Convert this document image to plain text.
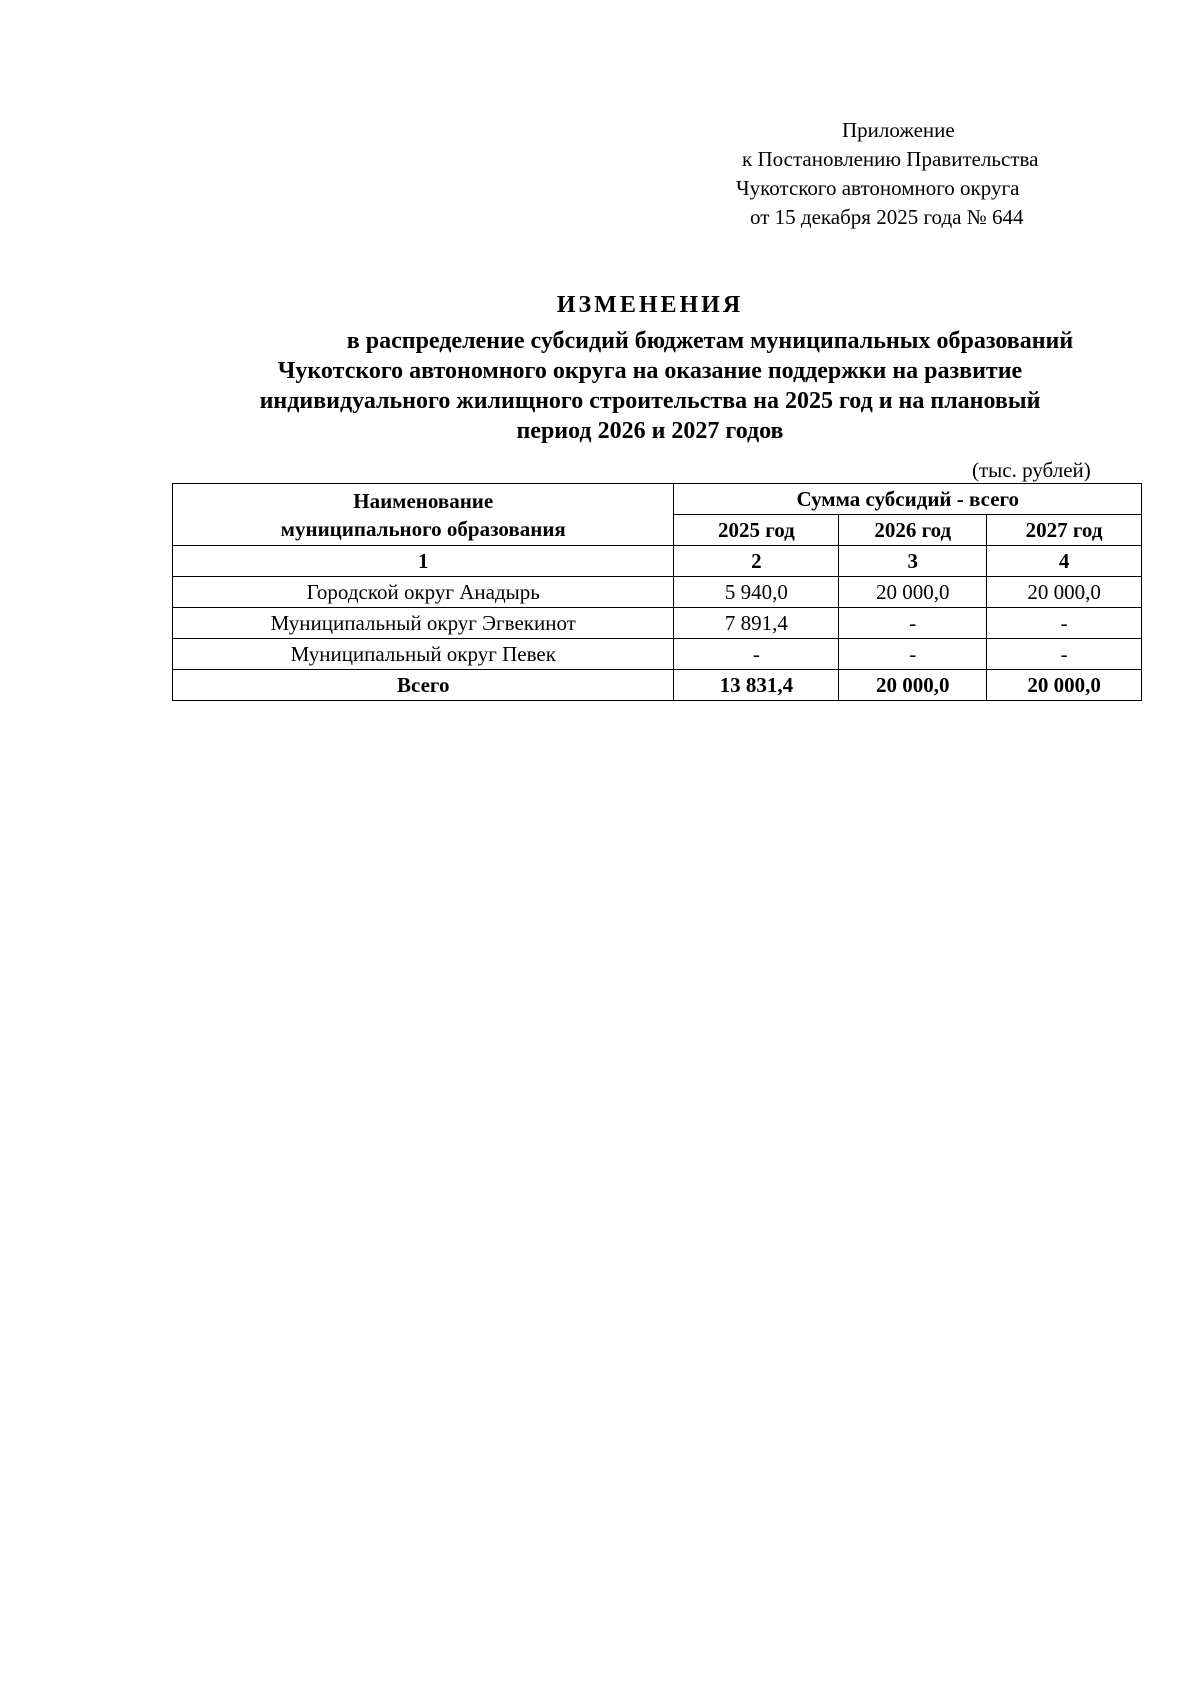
Приложение
к Постановлению Правительства
Чукотского автономного округа
от 15 декабря 2025 года № 644
ИЗМЕНЕНИЯ
в распределение субсидий бюджетам муниципальных образований
Чукотского автономного округа на оказание поддержки на развитие
индивидуального жилищного строительства на 2025 год и на плановый
период 2026 и 2027 годов
(тыс. рублей)
Наименование
муниципального образования	Сумма субсидий - всего		
	2025 год	2026 год	2027 год
1	2	3	4
Городской округ Анадырь	5 940,0	20 000,0	20 000,0
Муниципальный округ Эгвекинот	7 891,4	-	-
Муниципальный округ Певек	-	-	-
Всего	13 831,4	20 000,0	20 000,0
